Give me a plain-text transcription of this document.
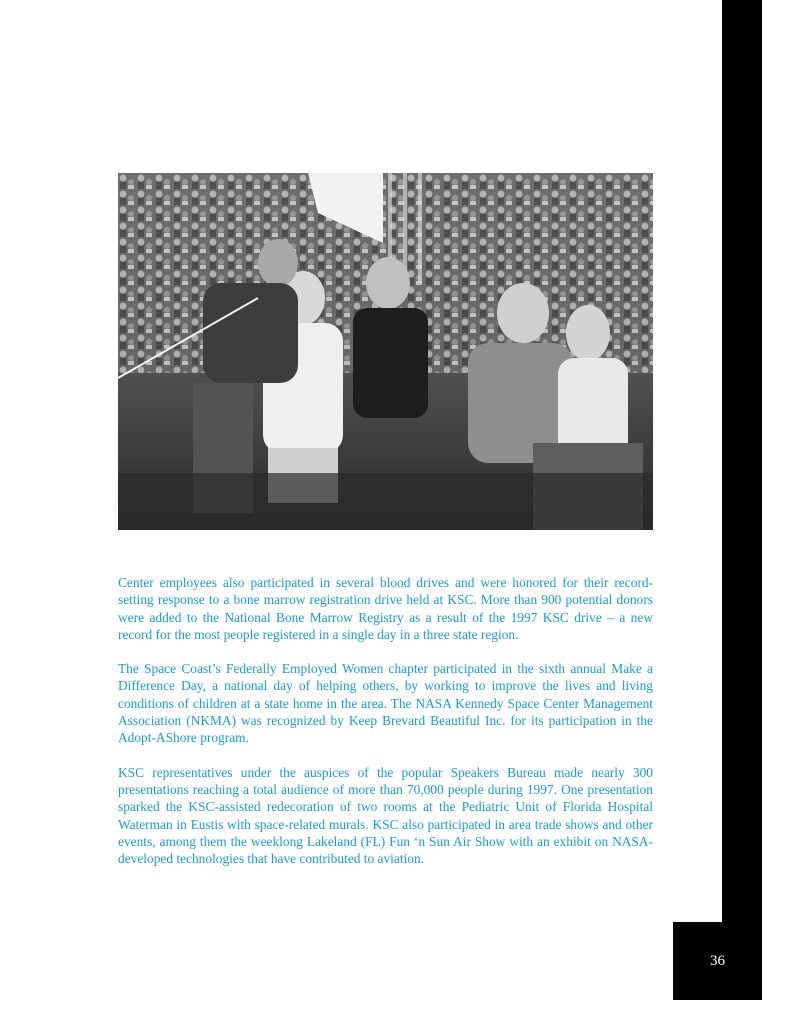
Center employees also participated in several blood drives and were honored for their record-setting response to a bone marrow registration drive held at KSC. More than 900 potential donors were added to the National Bone Marrow Registry as a result of the 1997 KSC drive – a new record for the most people registered in a single day in a three state region.

The Space Coast’s Federally Employed Women chapter participated in the sixth annual Make a Difference Day, a national day of helping others, by working to improve the lives and living conditions of children at a state home in the area. The NASA Kennedy Space Center Management Association (NKMA) was recognized by Keep Brevard Beautiful Inc. for its participation in the Adopt-AShore program.

KSC representatives under the auspices of the popular Speakers Bureau made nearly 300 presentations reaching a total audience of more than 70,000 people during 1997. One presentation sparked the KSC-assisted redecoration of two rooms at the Pediatric Unit of Florida Hospital Waterman in Eustis with space-related murals. KSC also participated in area trade shows and other events, among them the weeklong Lakeland (FL) Fun ‘n Sun Air Show with an exhibit on NASA-developed technologies that have contributed to aviation.

36
